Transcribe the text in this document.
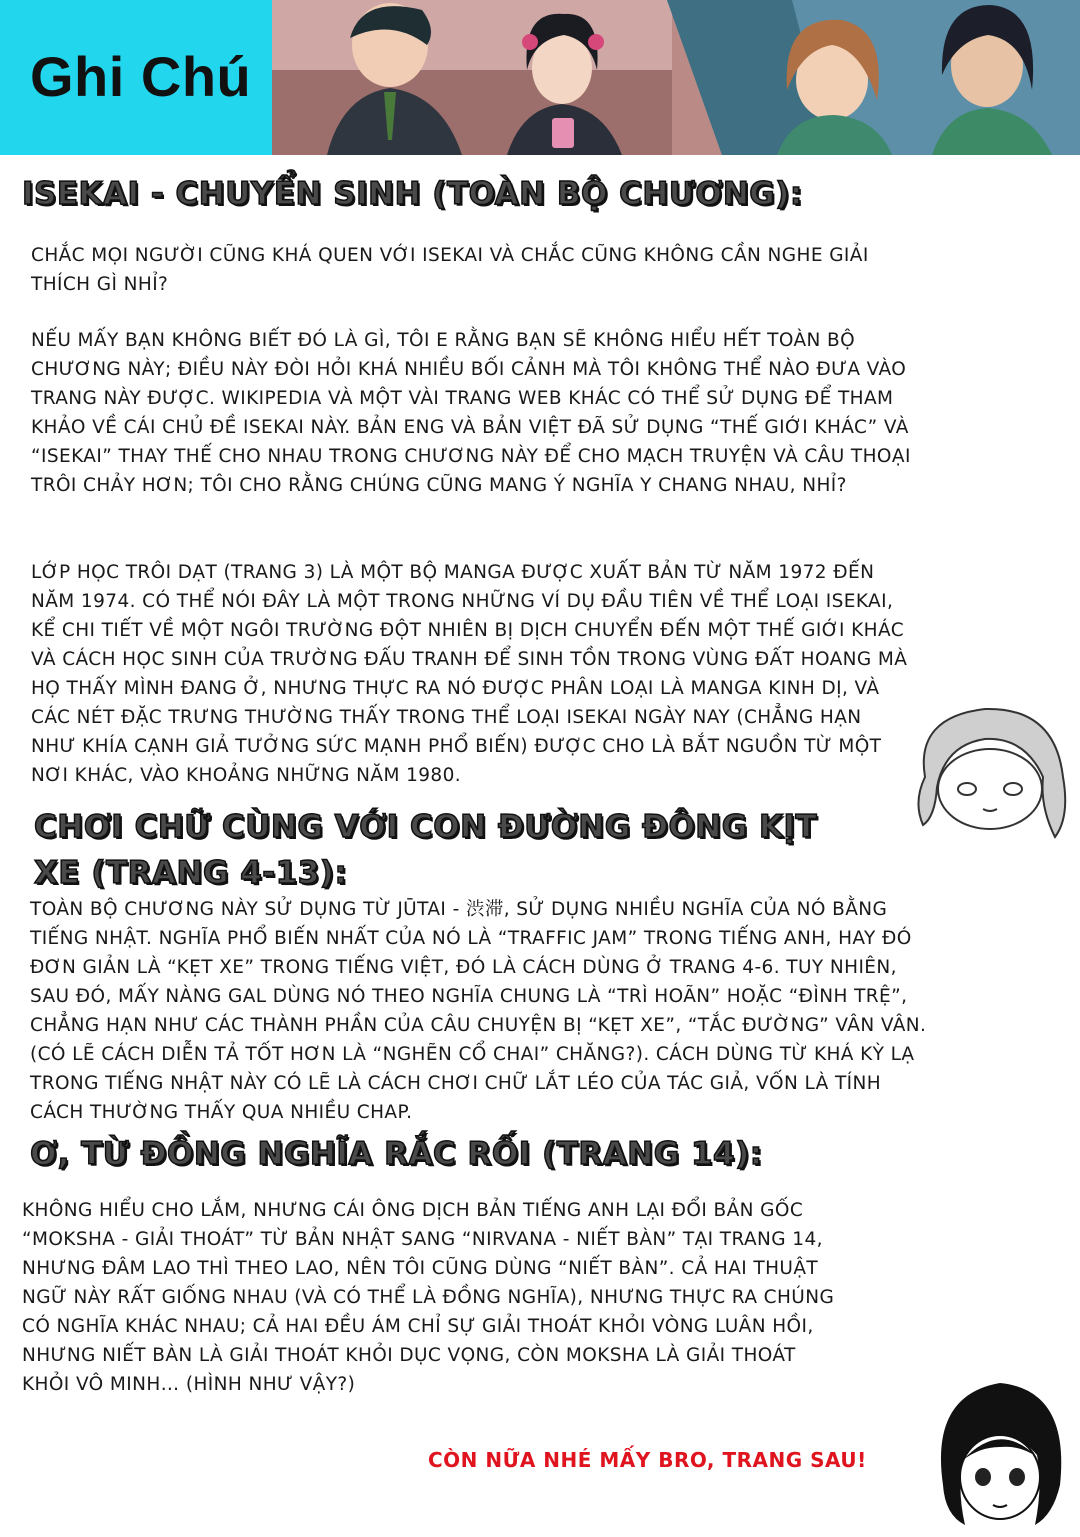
Ghi Chú
ISEKAI - CHUYỂN SINH (TOÀN BỘ CHƯƠNG):

CHẮC MỌI NGƯỜI CŨNG KHÁ QUEN VỚI ISEKAI VÀ CHẮC CŨNG KHÔNG CẦN NGHE GIẢI THÍCH GÌ NHỈ?

NẾU MẤY BẠN KHÔNG BIẾT ĐÓ LÀ GÌ, TÔI E RẰNG BẠN SẼ KHÔNG HIỂU HẾT TOÀN BỘ CHƯƠNG NÀY; ĐIỀU NÀY ĐÒI HỎI KHÁ NHIỀU BỐI CẢNH MÀ TÔI KHÔNG THỂ NÀO ĐƯA VÀO TRANG NÀY ĐƯỢC. WIKIPEDIA VÀ MỘT VÀI TRANG WEB KHÁC CÓ THỂ SỬ DỤNG ĐỂ THAM KHẢO VỀ CÁI CHỦ ĐỀ ISEKAI NÀY. BẢN ENG VÀ BẢN VIỆT ĐÃ SỬ DỤNG “THẾ GIỚI KHÁC” VÀ “ISEKAI” THAY THẾ CHO NHAU TRONG CHƯƠNG NÀY ĐỂ CHO MẠCH TRUYỆN VÀ CÂU THOẠI TRÔI CHẢY HƠN; TÔI CHO RẰNG CHÚNG CŨNG MANG Ý NGHĨA Y CHANG NHAU, NHỈ?

LỚP HỌC TRÔI DẠT (TRANG 3) LÀ MỘT BỘ MANGA ĐƯỢC XUẤT BẢN TỪ NĂM 1972 ĐẾN NĂM 1974. CÓ THỂ NÓI ĐÂY LÀ MỘT TRONG NHỮNG VÍ DỤ ĐẦU TIÊN VỀ THỂ LOẠI ISEKAI, KỂ CHI TIẾT VỀ MỘT NGÔI TRƯỜNG ĐỘT NHIÊN BỊ DỊCH CHUYỂN ĐẾN MỘT THẾ GIỚI KHÁC VÀ CÁCH HỌC SINH CỦA TRƯỜNG ĐẤU TRANH ĐỂ SINH TỒN TRONG VÙNG ĐẤT HOANG MÀ HỌ THẤY MÌNH ĐANG Ở, NHƯNG THỰC RA NÓ ĐƯỢC PHÂN LOẠI LÀ MANGA KINH DỊ, VÀ CÁC NÉT ĐẶC TRƯNG THƯỜNG THẤY TRONG THỂ LOẠI ISEKAI NGÀY NAY (CHẲNG HẠN NHƯ KHÍA CẠNH GIẢ TƯỞNG SỨC MẠNH PHỔ BIẾN) ĐƯỢC CHO LÀ BẮT NGUỒN TỪ MỘT NƠI KHÁC, VÀO KHOẢNG NHỮNG NĂM 1980.

CHƠI CHỮ CÙNG VỚI CON ĐƯỜNG ĐÔNG KỊT XE (TRANG 4-13):

TOÀN BỘ CHƯƠNG NÀY SỬ DỤNG TỪ JŪTAI - 渋滞, SỬ DỤNG NHIỀU NGHĨA CỦA NÓ BẰNG TIẾNG NHẬT. NGHĨA PHỔ BIẾN NHẤT CỦA NÓ LÀ “TRAFFIC JAM” TRONG TIẾNG ANH, HAY ĐÓ ĐƠN GIẢN LÀ “KẸT XE” TRONG TIẾNG VIỆT, ĐÓ LÀ CÁCH DÙNG Ở TRANG 4-6. TUY NHIÊN, SAU ĐÓ, MẤY NÀNG GAL DÙNG NÓ THEO NGHĨA CHUNG LÀ “TRÌ HOÃN” HOẶC “ĐÌNH TRỆ”, CHẲNG HẠN NHƯ CÁC THÀNH PHẦN CỦA CÂU CHUYỆN BỊ “KẸT XE”, “TẮC ĐƯỜNG” VÂN VÂN. (CÓ LẼ CÁCH DIỄN TẢ TỐT HƠN LÀ “NGHẼN CỔ CHAI” CHĂNG?). CÁCH DÙNG TỪ KHÁ KỲ LẠ TRONG TIẾNG NHẬT NÀY CÓ LẼ LÀ CÁCH CHƠI CHỮ LẮT LÉO CỦA TÁC GIẢ, VỐN LÀ TÍNH CÁCH THƯỜNG THẤY QUA NHIỀU CHAP.

Ơ, TỪ ĐỒNG NGHĨA RẮC RỐI (TRANG 14):

KHÔNG HIỂU CHO LẮM, NHƯNG CÁI ÔNG DỊCH BẢN TIẾNG ANH LẠI ĐỔI BẢN GỐC “MOKSHA - GIẢI THOÁT” TỪ BẢN NHẬT SANG “NIRVANA - NIẾT BÀN” TẠI TRANG 14, NHƯNG ĐÂM LAO THÌ THEO LAO, NÊN TÔI CŨNG DÙNG “NIẾT BÀN”. CẢ HAI THUẬT NGỮ NÀY RẤT GIỐNG NHAU (VÀ CÓ THỂ LÀ ĐỒNG NGHĨA), NHƯNG THỰC RA CHÚNG CÓ NGHĨA KHÁC NHAU; CẢ HAI ĐỀU ÁM CHỈ SỰ GIẢI THOÁT KHỎI VÒNG LUÂN HỒI, NHƯNG NIẾT BÀN LÀ GIẢI THOÁT KHỎI DỤC VỌNG, CÒN MOKSHA LÀ GIẢI THOÁT KHỎI VÔ MINH… (HÌNH NHƯ VẬY?)

CÒN NỮA NHÉ MẤY BRO, TRANG SAU!
